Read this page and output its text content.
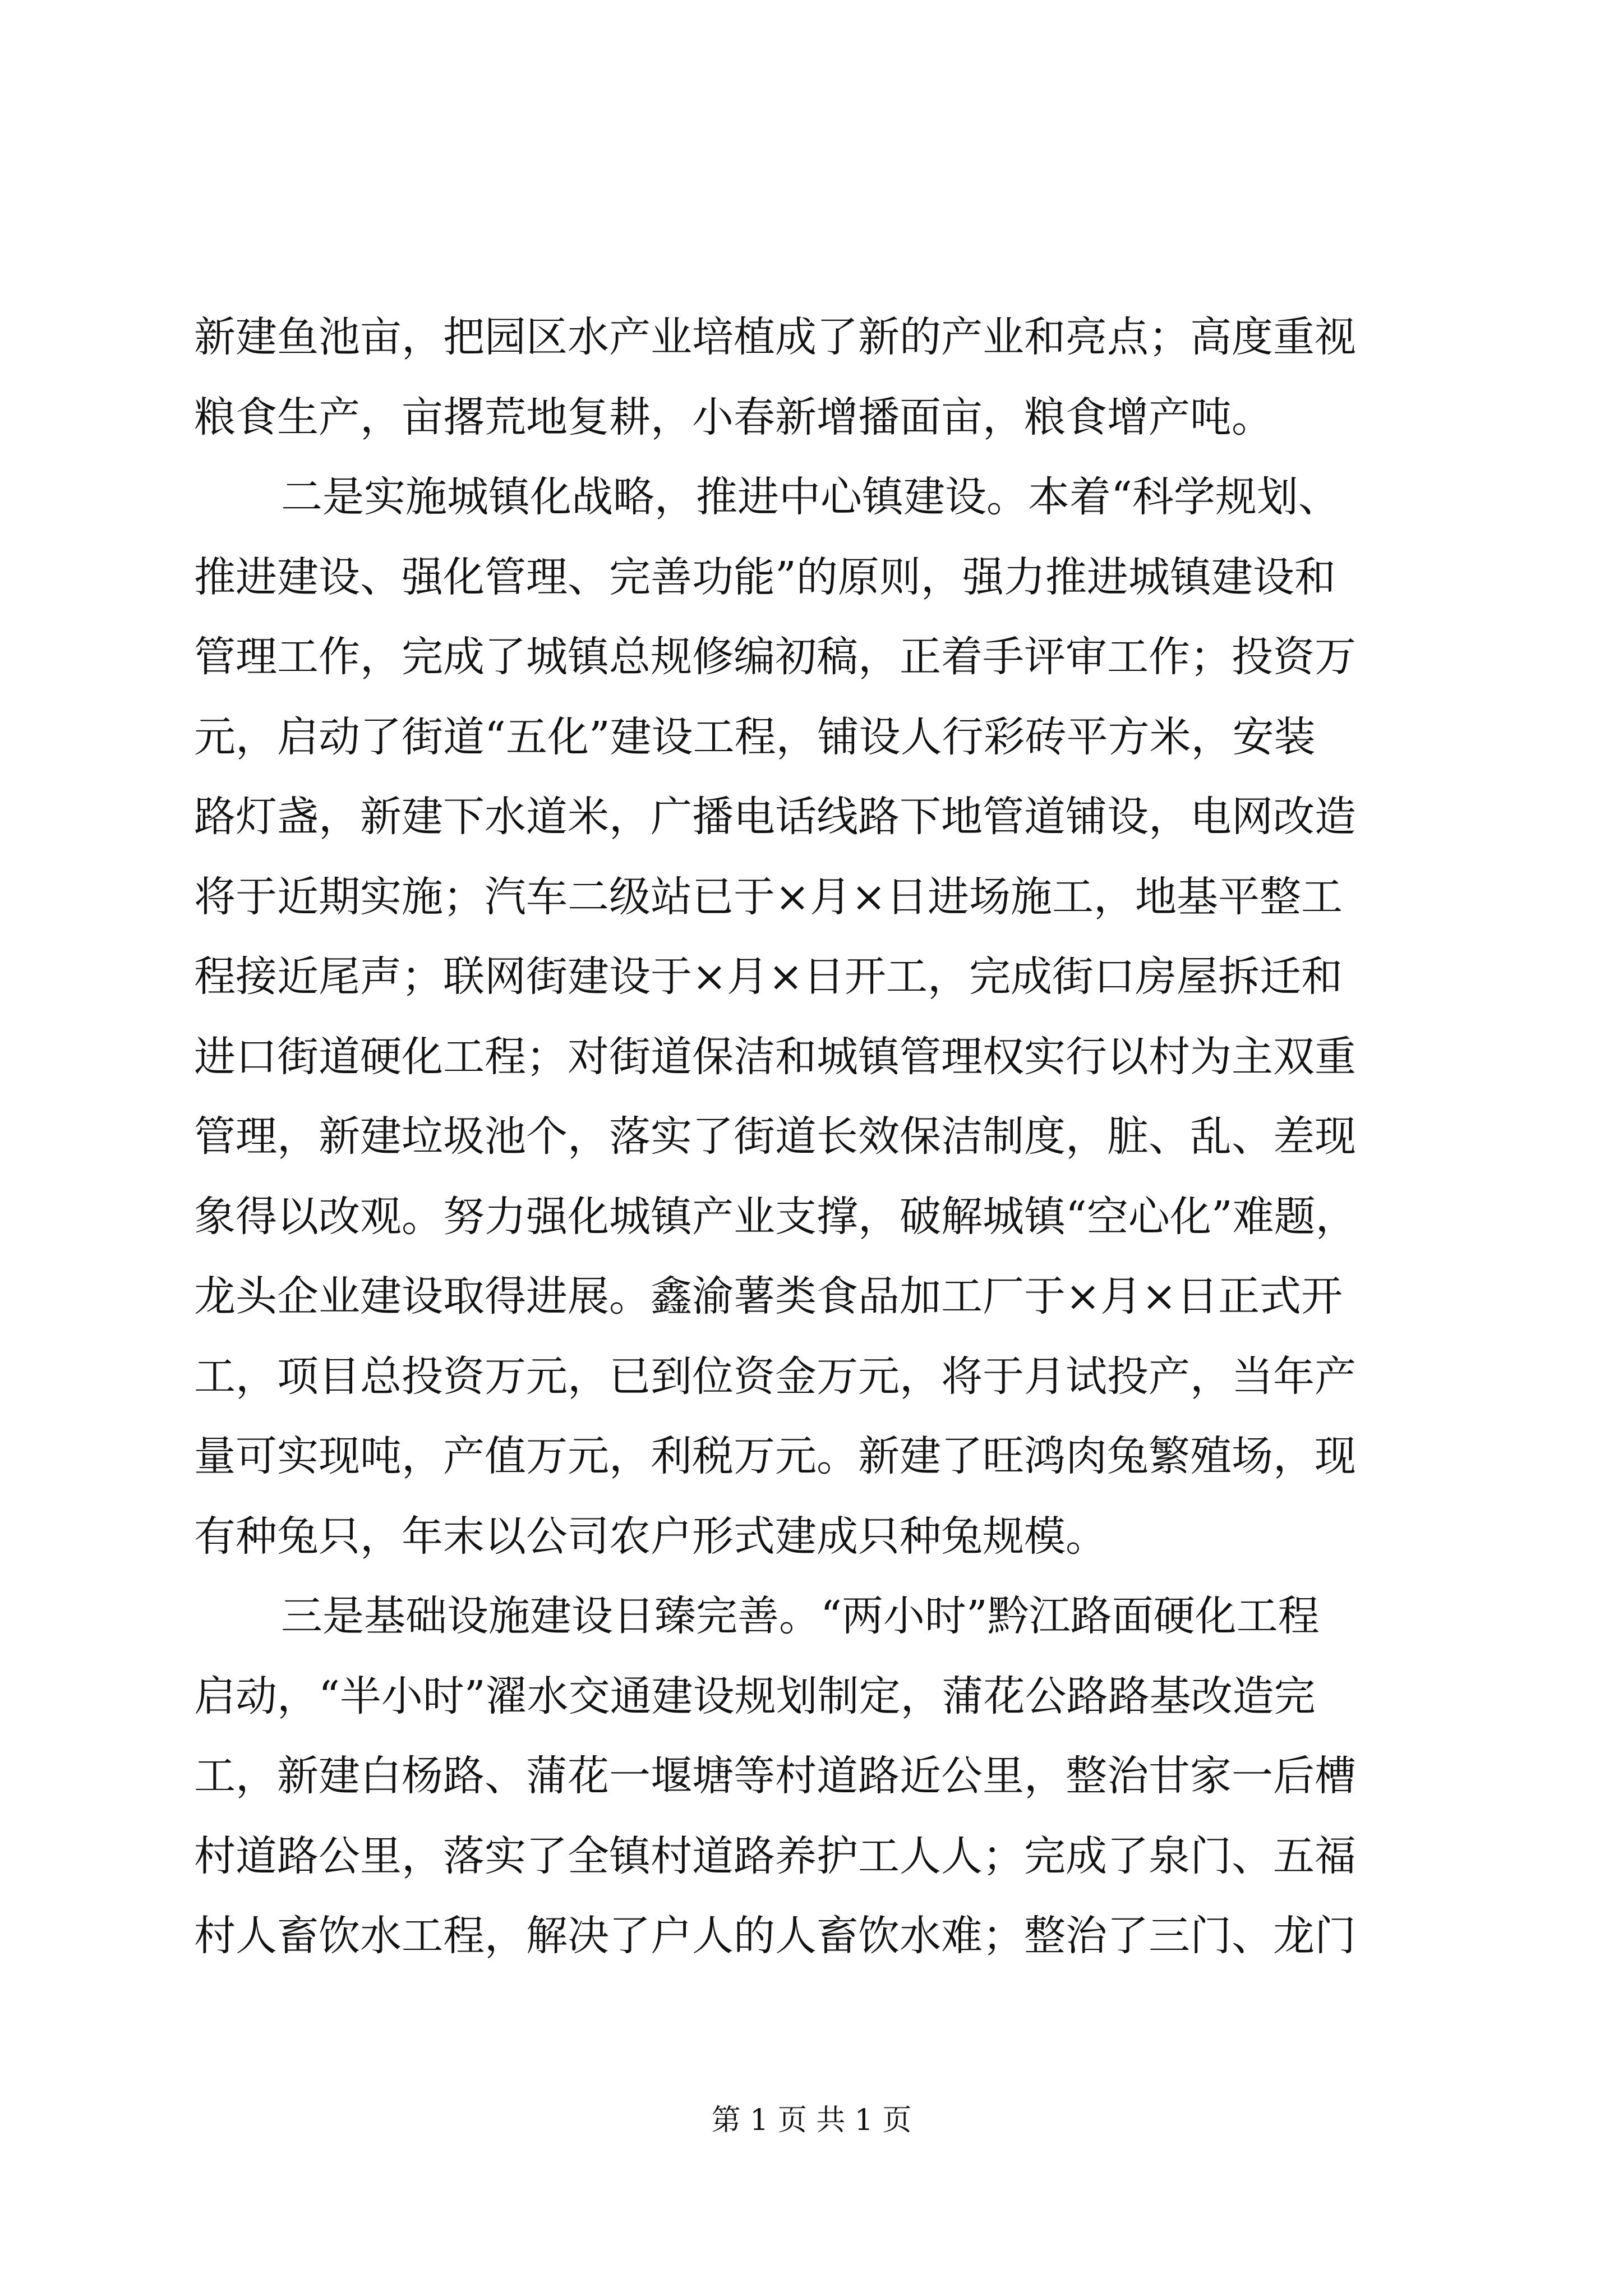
新建鱼池亩，把园区水产业培植成了新的产业和亮点；高度重视
粮食生产，亩撂荒地复耕，小春新增播面亩，粮食增产吨。
二是实施城镇化战略，推进中心镇建设。本着“科学规划、
推进建设、强化管理、完善功能”的原则，强力推进城镇建设和
管理工作，完成了城镇总规修编初稿，正着手评审工作；投资万
元，启动了街道“五化”建设工程，铺设人行彩砖平方米，安装
路灯盏，新建下水道米，广播电话线路下地管道铺设，电网改造
将于近期实施；汽车二级站已于×月×日进场施工，地基平整工
程接近尾声；联网街建设于×月×日开工，完成街口房屋拆迁和
进口街道硬化工程；对街道保洁和城镇管理权实行以村为主双重
管理，新建垃圾池个，落实了街道长效保洁制度，脏、乱、差现
象得以改观。努力强化城镇产业支撑，破解城镇“空心化”难题，
龙头企业建设取得进展。鑫渝薯类食品加工厂于×月×日正式开
工，项目总投资万元，已到位资金万元，将于月试投产，当年产
量可实现吨，产值万元，利税万元。新建了旺鸿肉兔繁殖场，现
有种兔只，年末以公司农户形式建成只种兔规模。
三是基础设施建设日臻完善。“两小时”黔江路面硬化工程
启动，“半小时”濯水交通建设规划制定，蒲花公路路基改造完
工，新建白杨路、蒲花一堰塘等村道路近公里，整治甘家一后槽
村道路公里，落实了全镇村道路养护工人人；完成了泉门、五福
村人畜饮水工程，解决了户人的人畜饮水难；整治了三门、龙门
第 1 页 共 1 页
